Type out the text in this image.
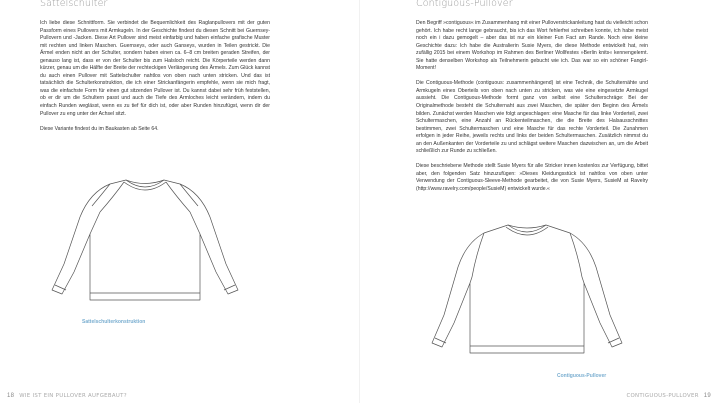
Sattelschulter

Ich liebe diese Schnittform. Sie verbindet die Bequemlichkeit des Raglanpullovers mit der guten Passform eines Pullovers mit Armkugeln. In der Geschichte findest du diesen Schnitt bei Guernsey-Pullovern und -Jacken. Diese Art Pullover sind meist einfarbig und haben einfache grafische Muster mit rechten und linken Maschen. Guernseys, oder auch Ganseys, wurden in Teilen gestrickt. Die Ärmel enden nicht an der Schulter, sondern haben einen ca. 6–8 cm breiten geraden Streifen, der genauso lang ist, dass er von der Schulter bis zum Halsloch reicht. Die Körperteile werden dann kürzer, genau um die Hälfte der Breite der rechteckigen Verlängerung des Ärmels. Zum Glück kannst du auch einen Pullover mit Sattelschulter nahtlos von oben nach unten stricken. Und das ist tatsächlich die Schulterkonstruktion, die ich einer Strickanfängerin empfehle, wenn sie mich fragt, was die einfachste Form für einen gut sitzenden Pullover ist. Du kannst dabei sehr früh feststellen, ob er dir um die Schultern passt und auch die Tiefe des Armloches leicht verändern, indem du einfach Runden weglässt, wenn es zu tief für dich ist, oder aber Runden hinzufügst, wenn dir der Pullover zu eng unter der Achsel sitzt.

Diese Variante findest du im Baukasten ab Seite 64.

Sattelschulterkonstruktion
18 WIE IST EIN PULLOVER AUFGEBAUT?
Contiguous-Pullover

Den Begriff »contiguous« im Zusammenhang mit einer Pulloverstrickanleitung hast du vielleicht schon gehört. Ich habe recht lange gebraucht, bis ich das Wort fehlerfrei schreiben konnte, ich habe meist noch ein i dazu gemogelt – aber das ist nur ein kleiner Fun Fact am Rande. Noch eine kleine Geschichte dazu: Ich habe die Australierin Susie Myers, die diese Methode entwickelt hat, rein zufällig 2015 bei einem Workshop im Rahmen des Berliner Wollfestes »Berlin knits« kennengelernt. Sie hatte denselben Workshop als Teilnehmerin gebucht wie ich. Das war so ein schöner Fangirl-Moment!

Die Contiguous-Methode (contiguous: zusammenhängend) ist eine Technik, die Schulternähte und Armkugeln eines Oberteils von oben nach unten zu stricken, was wie eine eingesetzte Armkugel aussieht. Die Contiguous-Methode formt ganz von selbst eine Schulterschräge: Bei der Originalmethode besteht die Schulternaht aus zwei Maschen, die später den Beginn des Ärmels bilden. Zunächst werden Maschen wie folgt angeschlagen: eine Masche für das linke Vorderteil, zwei Schultermaschen, eine Anzahl an Rückenteilmaschen, die die Breite des Halsausschnittes bestimmen, zwei Schultermaschen und eine Masche für das rechte Vorderteil. Die Zunahmen erfolgen in jeder Reihe, jeweils rechts und links der beiden Schultermaschen. Zusätzlich nimmst du an den Außenkanten der Vorderteile zu und schlägst weitere Maschen dazwischen an, um die Arbeit schließlich zur Runde zu schließen.

Diese beschriebene Methode stellt Susie Myers für alle Stricker innen kostenlos zur Verfügung, bittet aber, den folgenden Satz hinzuzufügen: »Dieses Kleidungsstück ist nahtlos von oben unter Verwendung der Contiguous-Sleeve-Methode gearbeitet, die von Susie Myers, SusieM at Ravelry (http://www.ravelry.com/people/SusieM) entwickelt wurde.«

Contiguous-Pullover
CONTIGUOUS-PULLOVER 19
